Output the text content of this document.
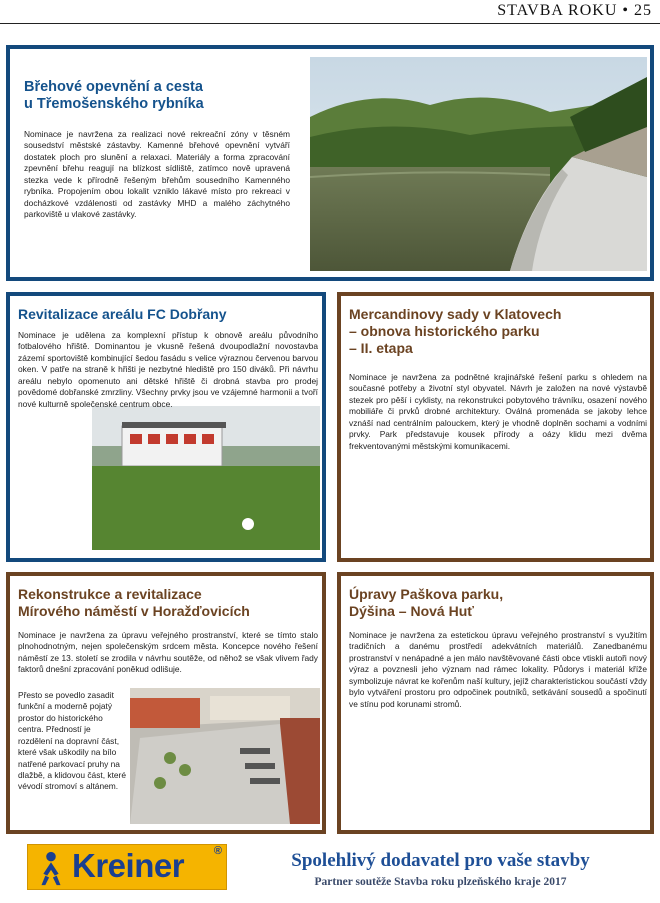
STAVBA ROKU • 25
Břehové opevnění a cesta
u Třemošenského rybníka

Nominace je navržena za realizaci nové rekreační zóny v těsném sousedství městské zástavby. Kamenné břehové opevnění vytváří dostatek ploch pro slunění a relaxaci. Materiály a forma zpracování zpevnění břehu reagují na blízkost sídliště, zatímco nově upravená stezka vede k přírodně řešeným břehům sousedního Kamenného rybníka. Propojením obou lokalit vzniklo lákavé místo pro rekreaci v docházkové vzdálenosti od zastávky MHD a malého záchytného parkoviště u vlakové zastávky.

Revitalizace areálu FC Dobřany

Nominace je udělena za komplexní přístup k obnově areálu původního fotbalového hřiště. Dominantou je vkusně řešená dvoupodlažní novostavba zázemí sportoviště kombinující šedou fasádu s velice výraznou červenou barvou oken. V patře na straně k hřišti je nezbytné hlediště pro 150 diváků. Při návrhu areálu nebylo opomenuto ani dětské hřiště či drobná stavba pro prodej povědomé dobřanské zmrzliny. Všechny prvky jsou ve vzájemné harmonii a tvoří nové kulturně společenské centrum obce.

Mercandinovy sady v Klatovech
– obnova historického parku
– II. etapa

Nominace je navržena za podnětné krajinářské řešení parku s ohledem na současné potřeby a životní styl obyvatel. Návrh je založen na nové výstavbě stezek pro pěší i cyklisty, na rekonstrukci pobytového trávníku, osazení nového mobiliáře či prvků drobné architektury. Oválná promenáda se jakoby lehce vznáší nad centrálním palouckem, který je vhodně doplněn sochami a vodními prvky. Park představuje kousek přírody a oázy klidu mezi dvěma frekventovanými městskými komunikacemi.

Rekonstrukce a revitalizace
Mírového náměstí v Horažďovicích

Nominace je navržena za úpravu veřejného prostranství, které se tímto stalo plnohodnotným, nejen společenským srdcem města. Koncepce nového řešení náměstí ze 13. století se zrodila v návrhu soutěže, od něhož se však vlivem řady faktorů dnešní zpracování poněkud odlišuje.

Přesto se povedlo zasadit funkční a moderně pojatý prostor do historického centra. Předností je rozdělení na dopravní část, které však uškodily na bílo natřené parkovací pruhy na dlažbě, a klidovou část, které vévodí stromoví s altánem.

Úpravy Paškova parku,
Dýšina – Nová Huť

Nominace je navržena za estetickou úpravu veřejného prostranství s využitím tradičních a danému prostředí adekvátních materiálů. Zanedbanému prostranství v nenápadné a jen málo navštěvované části obce vtiskli autoři nový výraz a povznesli jeho význam nad rámec lokality. Půdorys i materiál kříže symbolizuje návrat ke kořenům naší kultury, jejíž charakteristickou součástí vždy bylo vytváření prostoru pro odpočinek poutníků, setkávání sousedů a spočinutí ve stínu pod korunami stromů.

Kreiner	®	Spolehlivý dodavatel pro vaše stavby
Partner soutěže Stavba roku plzeňského kraje 2017
